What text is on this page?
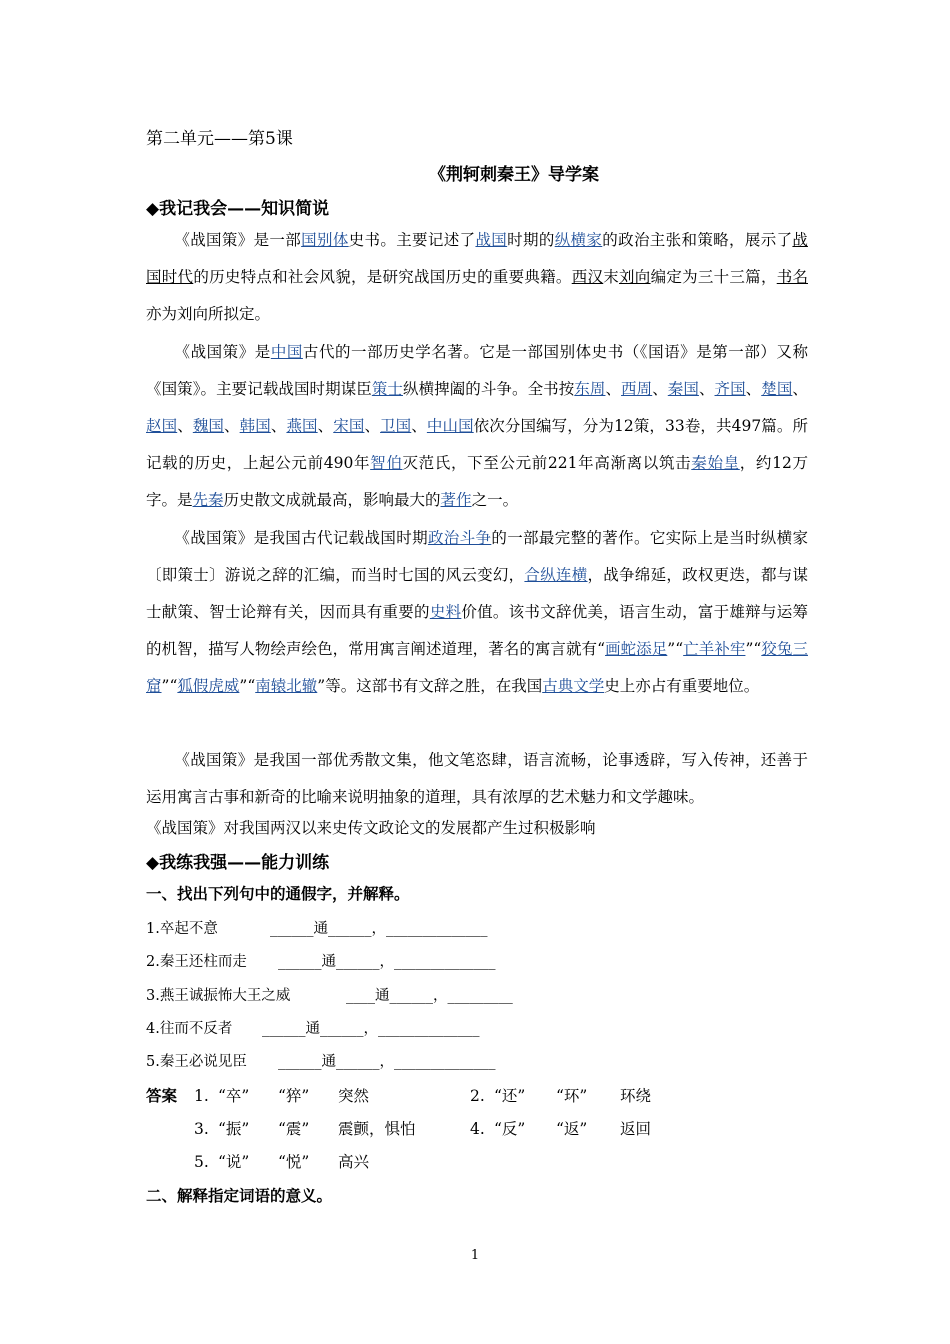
第二单元——第5课
《荆轲刺秦王》导学案
◆我记我会——知识简说

《战国策》是一部国别体史书。主要记述了战国时期的纵横家的政治主张和策略，展示了战国时代的历史特点和社会风貌，是研究战国历史的重要典籍。西汉末刘向编定为三十三篇，书名亦为刘向所拟定。

《战国策》是中国古代的一部历史学名著。它是一部国别体史书（《国语》是第一部）又称《国策》。主要记载战国时期谋臣策士纵横捭阖的斗争。全书按东周、西周、秦国、齐国、楚国、赵国、魏国、韩国、燕国、宋国、卫国、中山国依次分国编写，分为12策，33卷，共497篇。所记载的历史，上起公元前490年智伯灭范氏，下至公元前221年高渐离以筑击秦始皇，约12万字。是先秦历史散文成就最高，影响最大的著作之一。

《战国策》是我国古代记载战国时期政治斗争的一部最完整的著作。它实际上是当时纵横家〔即策士〕游说之辞的汇编，而当时七国的风云变幻，合纵连横，战争绵延，政权更迭，都与谋士献策、智士论辩有关，因而具有重要的史料价值。该书文辞优美，语言生动，富于雄辩与运筹的机智，描写人物绘声绘色，常用寓言阐述道理，著名的寓言就有“画蛇添足”“亡羊补牢”“狡兔三窟”“狐假虎威”“南辕北辙”等。这部书有文辞之胜，在我国古典文学史上亦占有重要地位。

《战国策》是我国一部优秀散文集，他文笔恣肆，语言流畅，论事透辟，写入传神，还善于运用寓言古事和新奇的比喻来说明抽象的道理，具有浓厚的艺术魅力和文学趣味。

《战国策》对我国两汉以来史传文政论文的发展都产生过积极影响
◆我练我强——能力训练
一、找出下列句中的通假字，并解释。
1.卒起不意	______通______，______________
2.秦王还柱而走 ______通______，______________
3.燕王诚振怖大王之威	____通______，_________
4.往而不反者 ______通______，______________
5.秦王必说见臣 ______通______，______________
答案 1. “卒” “猝” 突然	2. “还” “环” 环绕
3. “振” “震” 震颤，惧怕	4. “反” “返” 返回
5. “说” “悦” 高兴
二、解释指定词语的意义。
1
